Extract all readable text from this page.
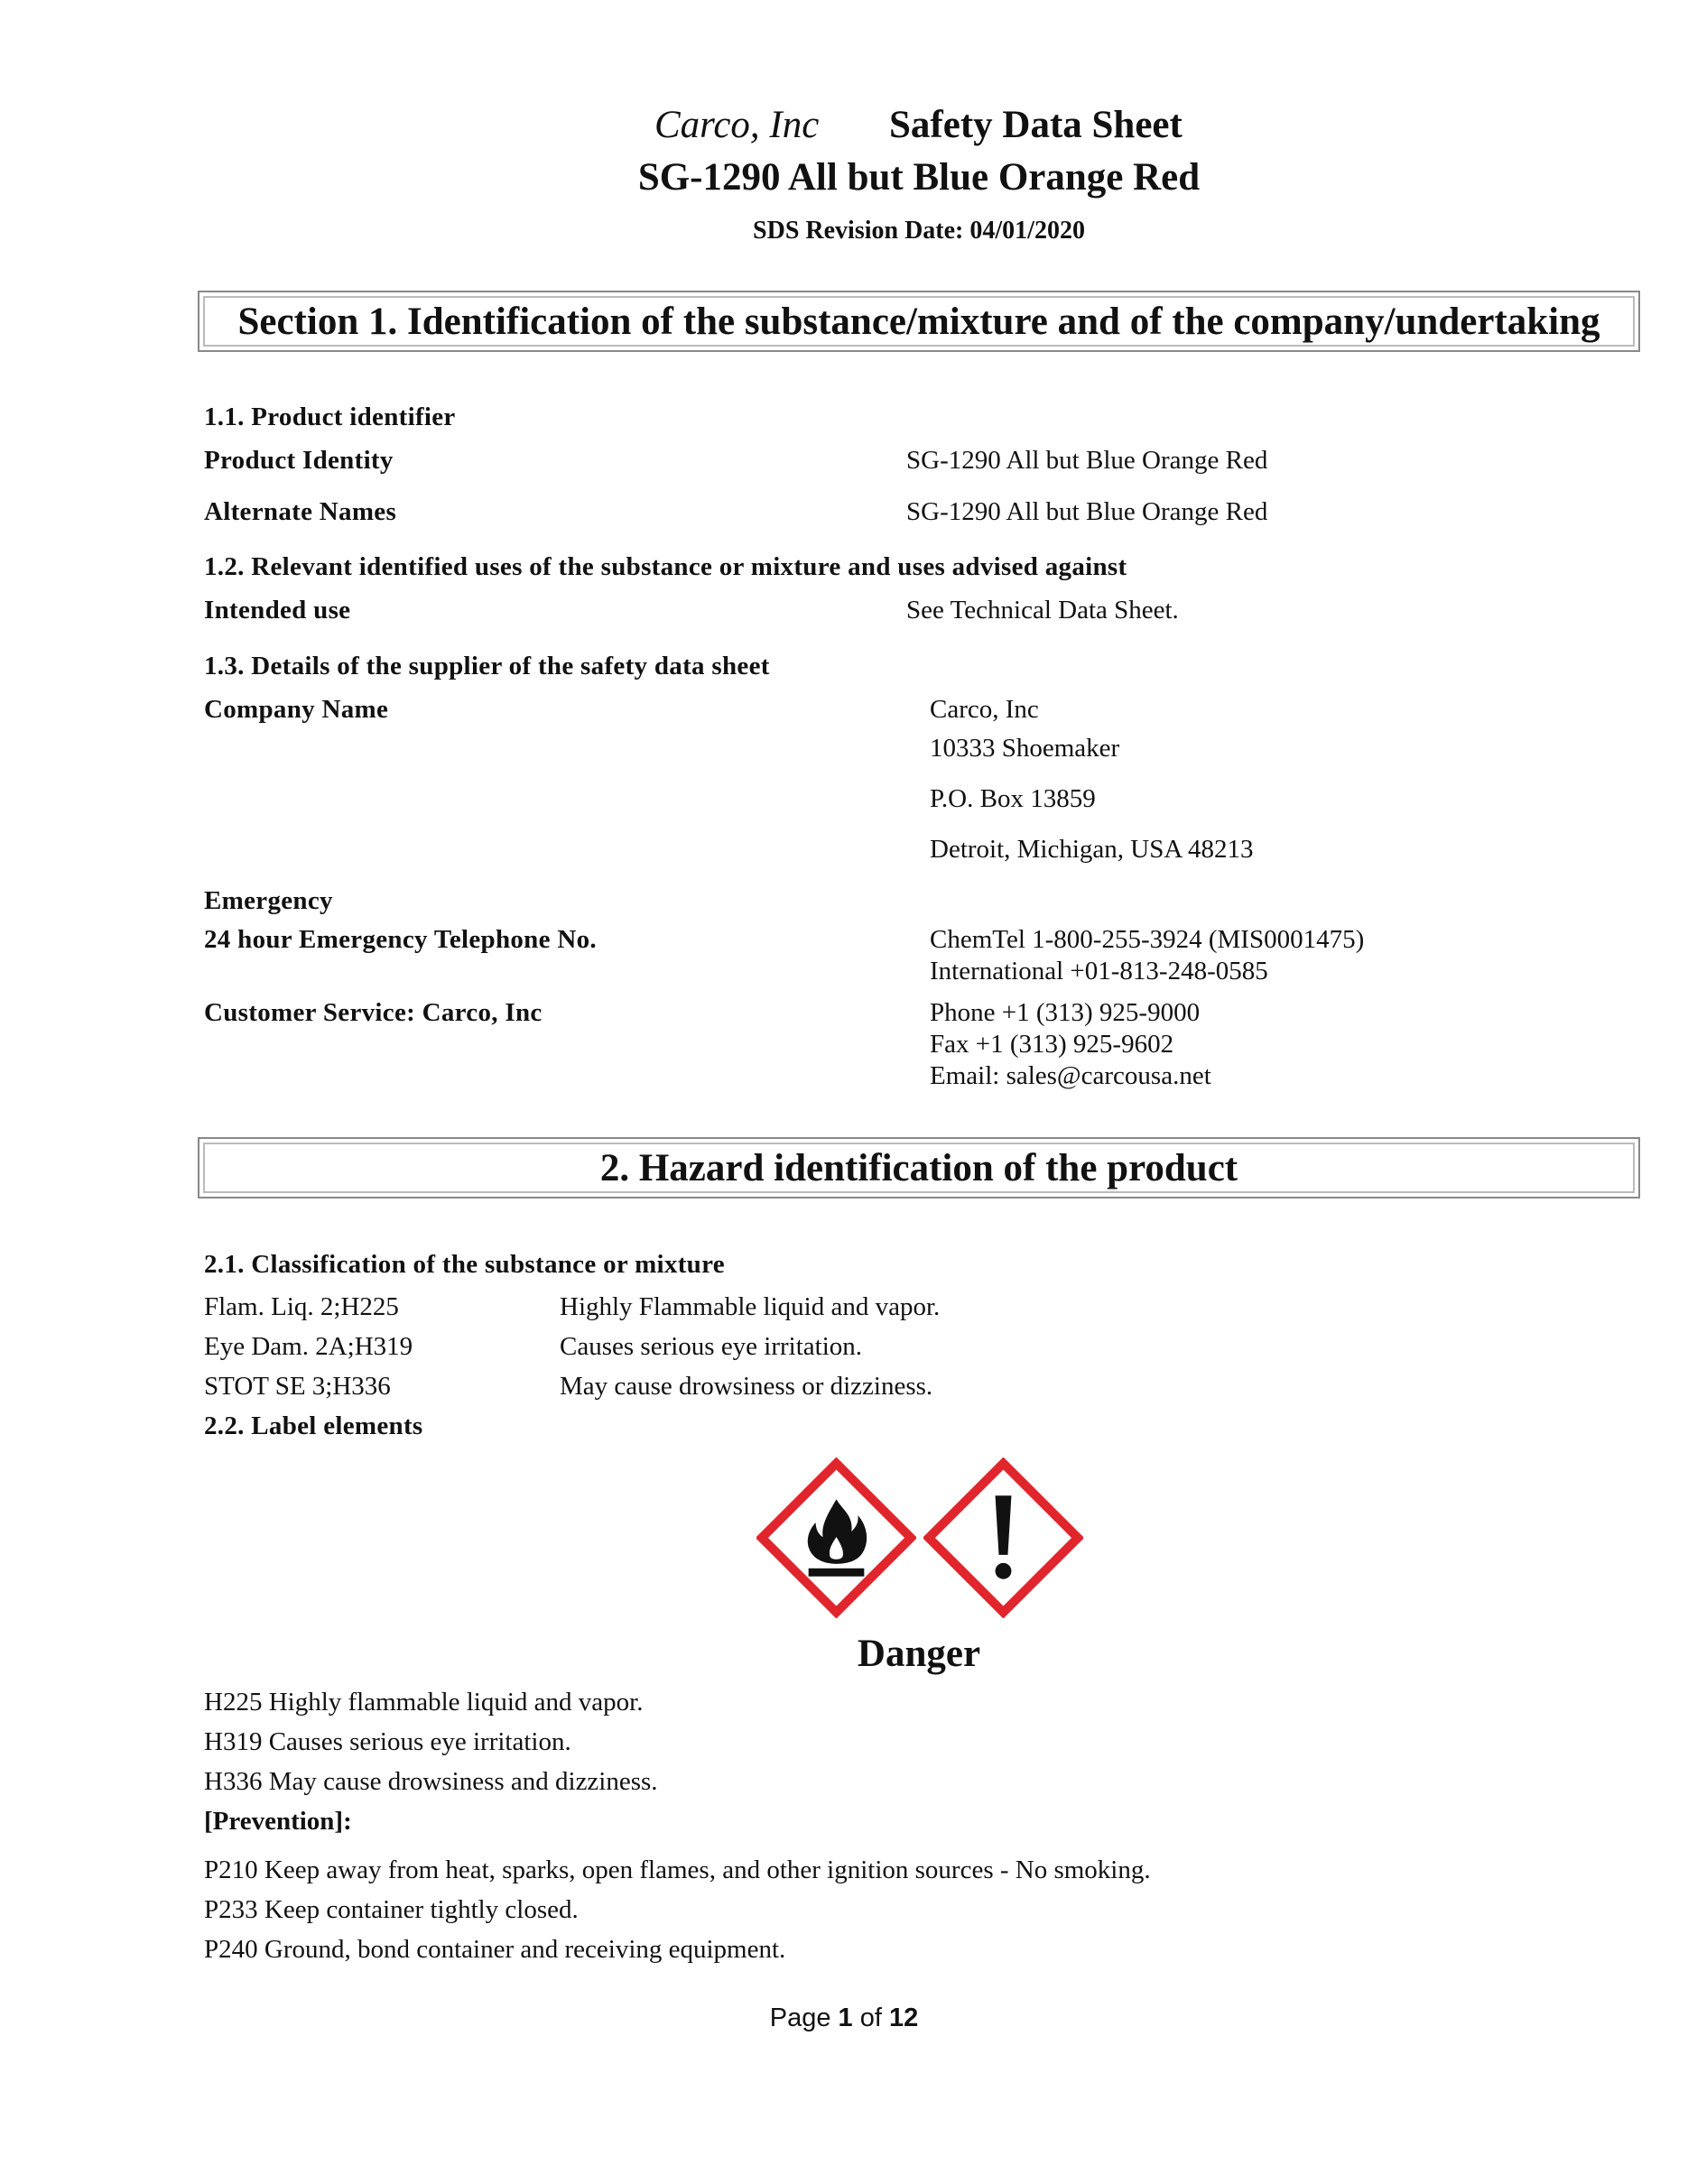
Carco, Inc Safety Data Sheet
SG-1290 All but Blue Orange Red
SDS Revision Date: 04/01/2020
Section 1. Identification of the substance/mixture and of the company/undertaking
1.1. Product identifier
Product Identity	SG-1290 All but Blue Orange Red
Alternate Names	SG-1290 All but Blue Orange Red
1.2. Relevant identified uses of the substance or mixture and uses advised against
Intended use	See Technical Data Sheet.
1.3. Details of the supplier of the safety data sheet
Company Name	Carco, Inc
10333 Shoemaker
P.O. Box 13859
Detroit, Michigan, USA 48213
Emergency
24 hour Emergency Telephone No.	ChemTel 1-800-255-3924 (MIS0001475)
International +01-813-248-0585
Customer Service: Carco, Inc	Phone +1 (313) 925-9000
Fax +1 (313) 925-9602
Email: sales@carcousa.net
2. Hazard identification of the product
2.1. Classification of the substance or mixture
Flam. Liq. 2;H225	Highly Flammable liquid and vapor.
Eye Dam. 2A;H319	Causes serious eye irritation.
STOT SE 3;H336	May cause drowsiness or dizziness.
2.2. Label elements
Danger
H225 Highly flammable liquid and vapor.
H319 Causes serious eye irritation.
H336 May cause drowsiness and dizziness.
[Prevention]:
P210 Keep away from heat, sparks, open flames, and other ignition sources - No smoking.
P233 Keep container tightly closed.
P240 Ground, bond container and receiving equipment.
Page 1 of 12
